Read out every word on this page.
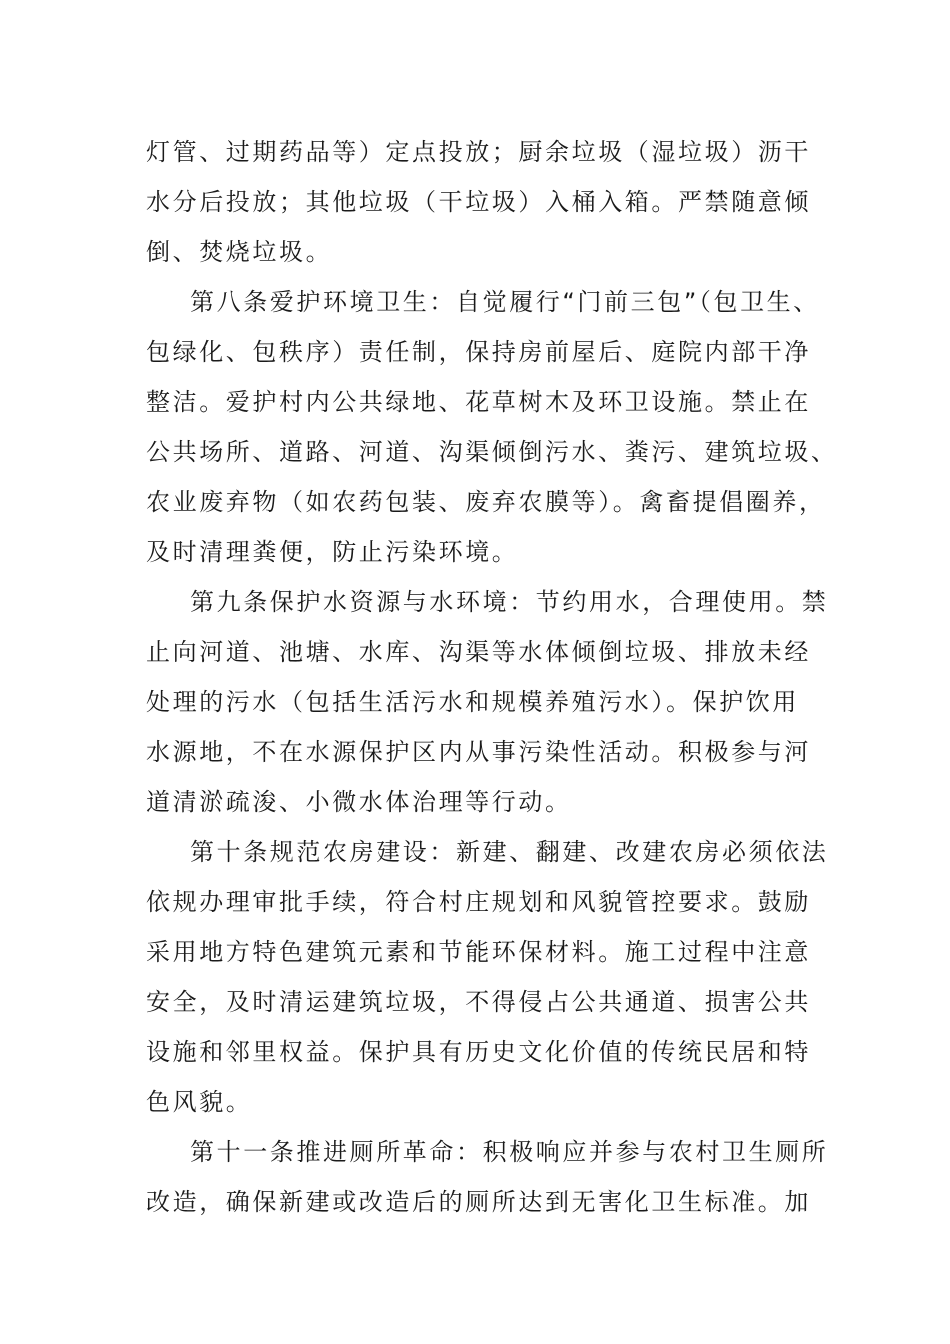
灯管、过期药品等）定点投放；厨余垃圾（湿垃圾）沥干
水分后投放；其他垃圾（干垃圾）入桶入箱。严禁随意倾
倒、焚烧垃圾。
第八条爱护环境卫生：自觉履行“门前三包”（包卫生、
包绿化、包秩序）责任制，保持房前屋后、庭院内部干净
整洁。爱护村内公共绿地、花草树木及环卫设施。禁止在
公共场所、道路、河道、沟渠倾倒污水、粪污、建筑垃圾、
农业废弃物（如农药包装、废弃农膜等）。禽畜提倡圈养，
及时清理粪便，防止污染环境。
第九条保护水资源与水环境：节约用水，合理使用。禁
止向河道、池塘、水库、沟渠等水体倾倒垃圾、排放未经
处理的污水（包括生活污水和规模养殖污水）。保护饮用
水源地，不在水源保护区内从事污染性活动。积极参与河
道清淤疏浚、小微水体治理等行动。
第十条规范农房建设：新建、翻建、改建农房必须依法
依规办理审批手续，符合村庄规划和风貌管控要求。鼓励
采用地方特色建筑元素和节能环保材料。施工过程中注意
安全，及时清运建筑垃圾，不得侵占公共通道、损害公共
设施和邻里权益。保护具有历史文化价值的传统民居和特
色风貌。
第十一条推进厕所革命：积极响应并参与农村卫生厕所
改造，确保新建或改造后的厕所达到无害化卫生标准。加
